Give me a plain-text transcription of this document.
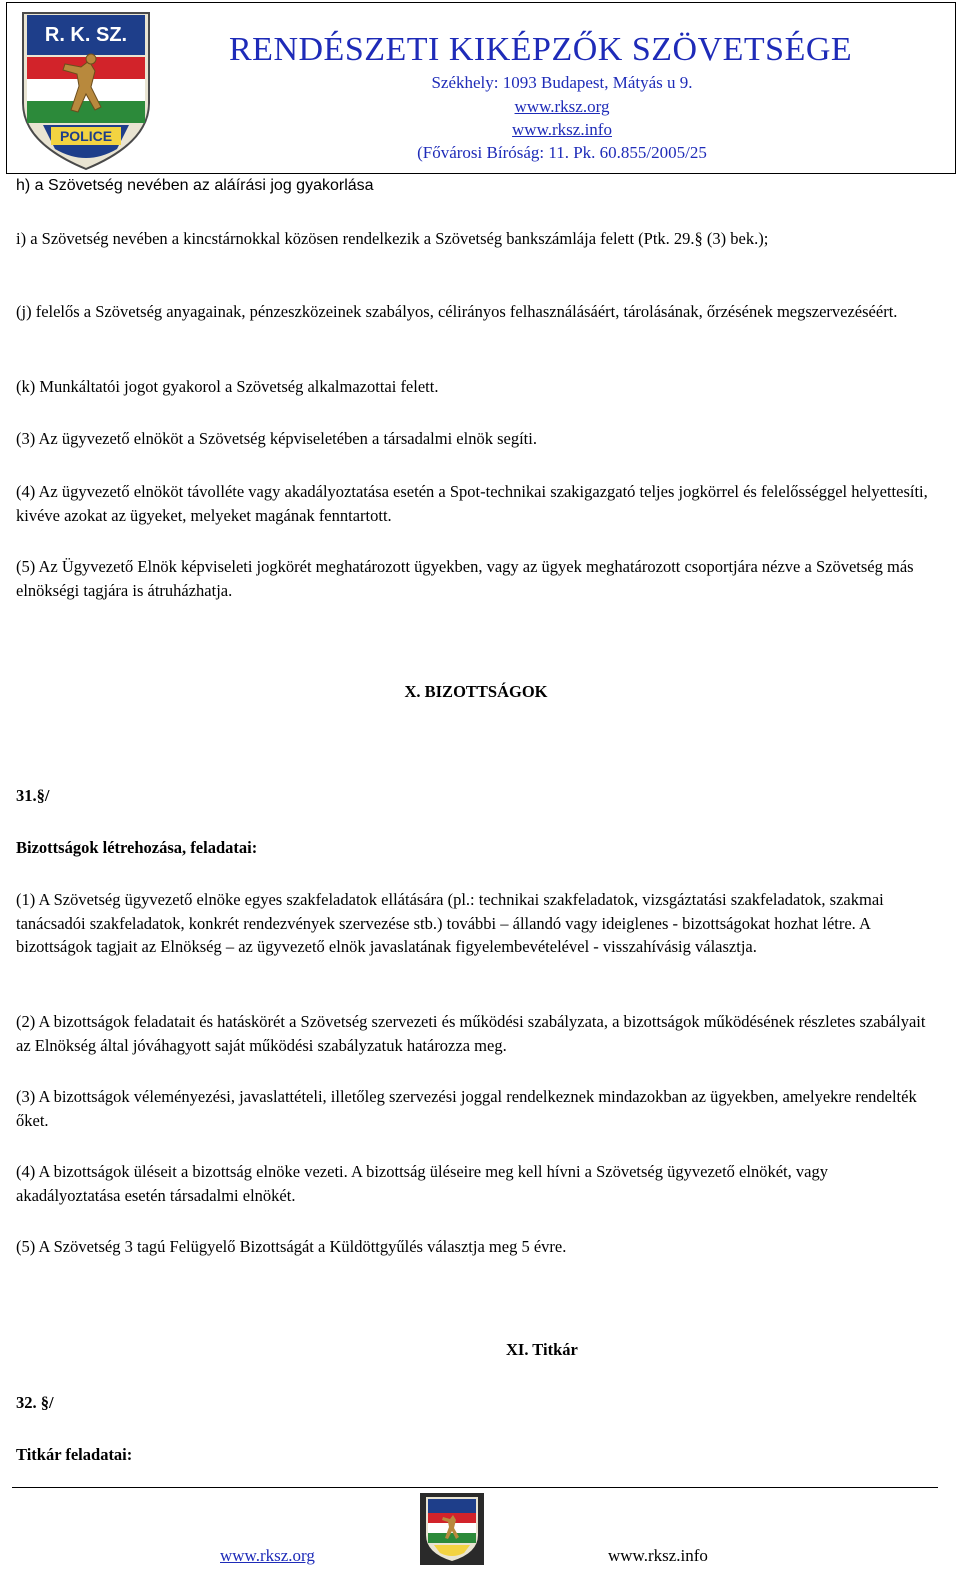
R. K. SZ.
POLICE
RENDÉSZETI KIKÉPZŐK SZÖVETSÉGE
Székhely: 1093 Budapest, Mátyás u 9.
www.rksz.org
www.rksz.info
(Fővárosi Bíróság: 11. Pk. 60.855/2005/25

h) a Szövetség nevében az aláírási jog gyakorlása

i) a Szövetség nevében a kincstárnokkal közösen rendelkezik a Szövetség bankszámlája felett (Ptk. 29.§ (3) bek.);

(j) felelős a Szövetség anyagainak, pénzeszközeinek szabályos, célirányos felhasználásáért, tárolásának, őrzésének megszervezéséért.

(k) Munkáltatói jogot gyakorol a Szövetség alkalmazottai felett.

(3) Az ügyvezető elnököt a Szövetség képviseletében a társadalmi elnök segíti.

(4) Az ügyvezető elnököt távolléte vagy akadályoztatása esetén a Spot-technikai szakigazgató teljes jogkörrel és felelősséggel helyettesíti, kivéve azokat az ügyeket, melyeket magának fenntartott.

(5) Az Ügyvezető Elnök képviseleti jogkörét meghatározott ügyekben, vagy az ügyek meghatározott csoportjára nézve a Szövetség más elnökségi tagjára is átruházhatja.

X. BIZOTTSÁGOK

31.§/

Bizottságok létrehozása, feladatai:

(1) A Szövetség ügyvezető elnöke egyes szakfeladatok ellátására (pl.: technikai szakfeladatok, vizsgáztatási szakfeladatok, szakmai tanácsadói szakfeladatok, konkrét rendezvények szervezése stb.) további – állandó vagy ideiglenes - bizottságokat hozhat létre. A bizottságok tagjait az Elnökség – az ügyvezető elnök javaslatának figyelembevételével - visszahívásig választja.

(2) A bizottságok feladatait és hatáskörét a Szövetség szervezeti és működési szabályzata, a bizottságok működésének részletes szabályait az Elnökség által jóváhagyott saját működési szabályzatuk határozza meg.

(3) A bizottságok véleményezési, javaslattételi, illetőleg szervezési joggal rendelkeznek mindazokban az ügyekben, amelyekre rendelték őket.

(4) A bizottságok üléseit a bizottság elnöke vezeti. A bizottság üléseire meg kell hívni a Szövetség ügyvezető elnökét, vagy akadályoztatása esetén társadalmi elnökét.

(5) A Szövetség 3 tagú Felügyelő Bizottságát a Küldöttgyűlés választja meg 5 évre.

XI. Titkár

32. §/

Titkár feladatai:

www.rksz.org	www.rksz.info
